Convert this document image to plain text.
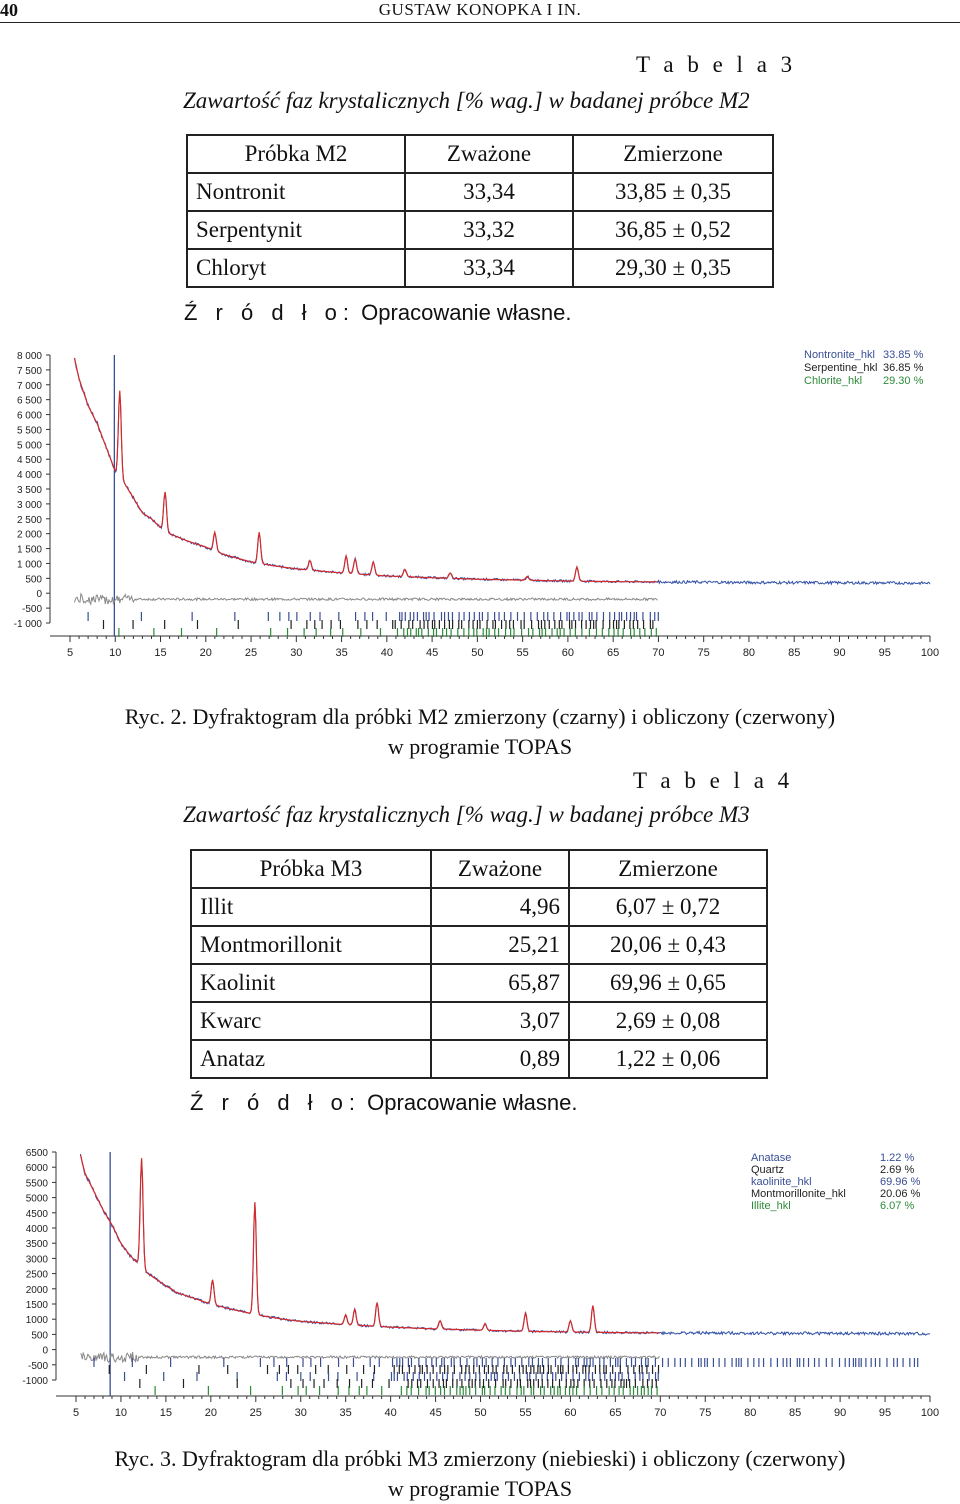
40	GUSTAW KONOPKA I IN.
T a b e l a 3
Zawartość faz krystalicznych [% wag.] w badanej próbce M2
Próbka M2	Zważone	Zmierzone
Nontronit	33,34	33,85 ± 0,35
Serpentynit	33,32	36,85 ± 0,52
Chloryt	33,34	29,30 ± 0,35
Ź r ó d ł o: Opracowanie własne.
8 000
7 500
7 000
6 500
6 000
5 500
5 000
4 500
4 000
3 500
3 000
2 500
2 000
1 500
1 000
500
0
-500
-1 000
5	10	15	20	25	30	35	40	45	50	55	60	65	70	75	80	85	90	95	100
Nontronite_hkl 33.85 %
Serpentine_hkl 36.85 %
Chlorite_hkl 29.30 %
Ryc. 2. Dyfraktogram dla próbki M2 zmierzony (czarny) i obliczony (czerwony)
w programie TOPAS
T a b e l a 4
Zawartość faz krystalicznych [% wag.] w badanej próbce M3
Próbka M3	Zważone	Zmierzone
Illit	4,96	6,07 ± 0,72
Montmorillonit	25,21	20,06 ± 0,43
Kaolinit	65,87	69,96 ± 0,65
Kwarc	3,07	2,69 ± 0,08
Anataz	0,89	1,22 ± 0,06
Ź r ó d ł o: Opracowanie własne.
6500
6000
5500
5000
4500
4000
3500
3000
2500
2000
1500
1000
500
0
-500
-1000
5	10	15	20	25	30	35	40	45	50	55	60	65	70	75	80	85	90	95	100
Anatase	1.22 %
Quartz	2.69 %
kaolinite_hkl	69.96 %
Montmorillonite_hkl	20.06 %
Illite_hkl	6.07 %
Ryc. 3. Dyfraktogram dla próbki M3 zmierzony (niebieski) i obliczony (czerwony)
w programie TOPAS
